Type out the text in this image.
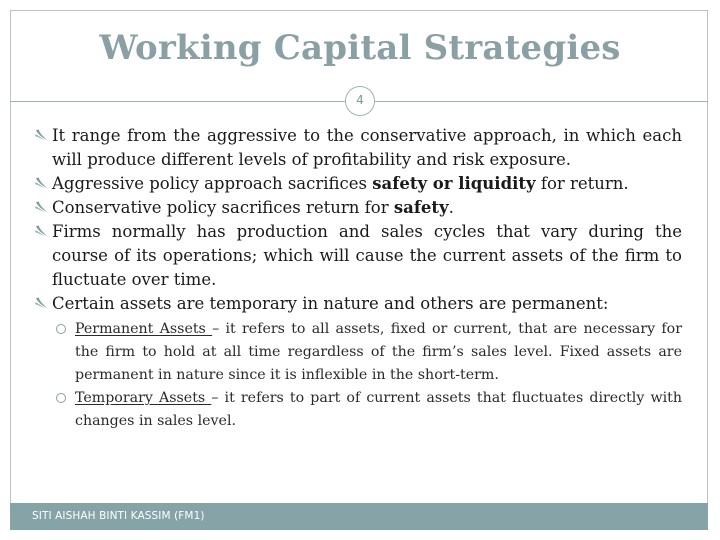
Working Capital Strategies
4
It range from the aggressive to the conservative approach, in which each will produce different levels of profitability and risk exposure.
Aggressive policy approach sacrifices safety or liquidity for return.
Conservative policy sacrifices return for safety.
Firms normally has production and sales cycles that vary during the course of its operations; which will cause the current assets of the firm to fluctuate over time.
Certain assets are temporary in nature and others are permanent:
Permanent Assets – it refers to all assets, fixed or current, that are necessary for the firm to hold at all time regardless of the firm’s sales level. Fixed assets are permanent in nature since it is inflexible in the short-term.
Temporary Assets – it refers to part of current assets that fluctuates directly with changes in sales level.
SITI AISHAH BINTI KASSIM (FM1)
